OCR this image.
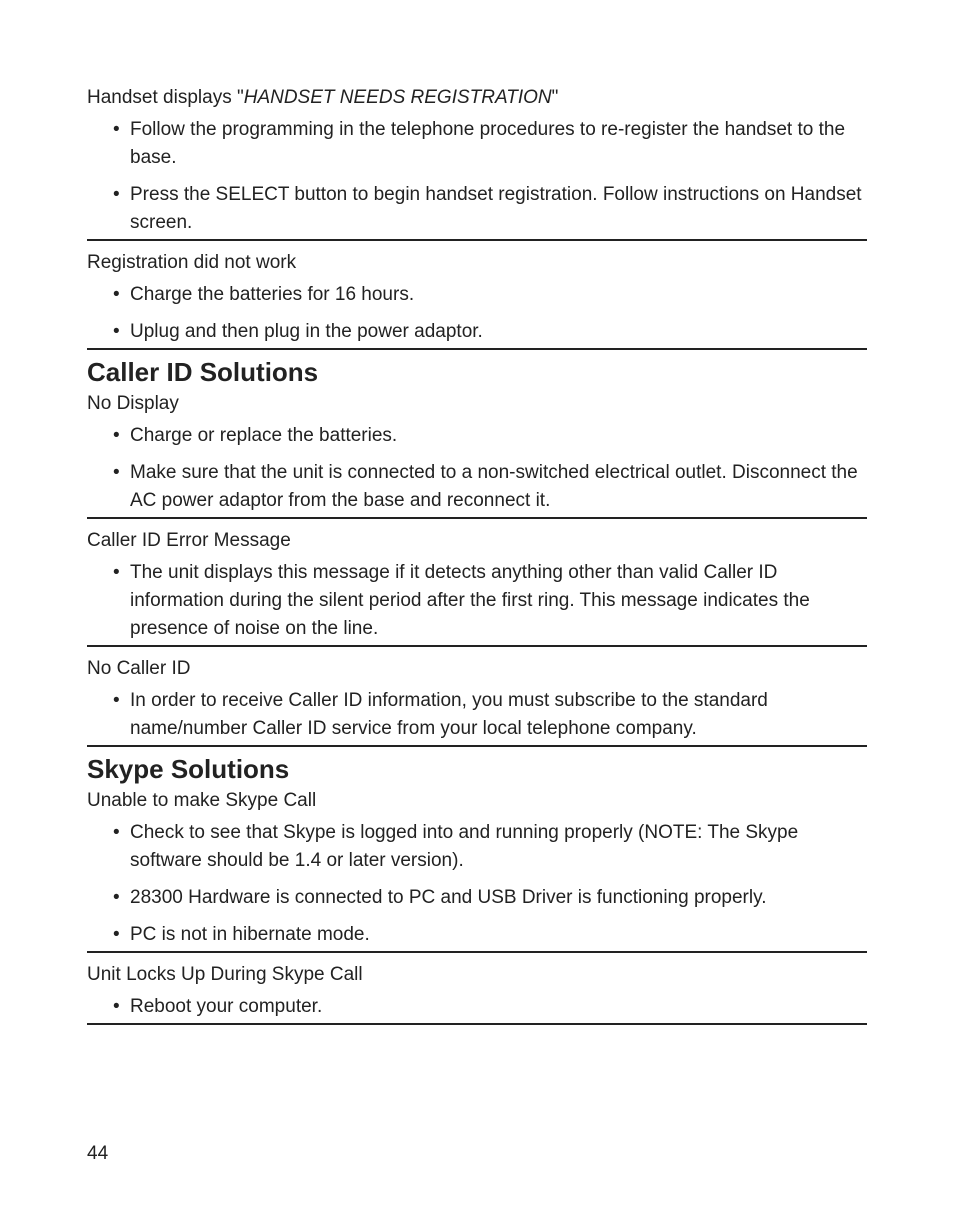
Handset displays "HANDSET NEEDS REGISTRATION"

• Follow the programming in the telephone procedures to re-register the handset to the base.
• Press the SELECT button to begin handset registration. Follow instructions on Handset screen.

Registration did not work

• Charge the batteries for 16 hours.
• Uplug and then plug in the power adaptor.
Caller ID Solutions

No Display

• Charge or replace the batteries.
• Make sure that the unit is connected to a non-switched electrical outlet. Disconnect the AC power adaptor from the base and reconnect it.

Caller ID Error Message

• The unit displays this message if it detects anything other than valid Caller ID information during the silent period after the first ring. This message indicates the presence of noise on the line.

No Caller ID

• In order to receive Caller ID information, you must subscribe to the standard name/number Caller ID service from your local telephone company.
Skype Solutions

Unable to make Skype Call

• Check to see that Skype is logged into and running properly (NOTE: The Skype software should be 1.4 or later version).
• 28300 Hardware is connected to PC and USB Driver is functioning properly.
• PC is not in hibernate mode.

Unit Locks Up During Skype Call

• Reboot your computer.
44
